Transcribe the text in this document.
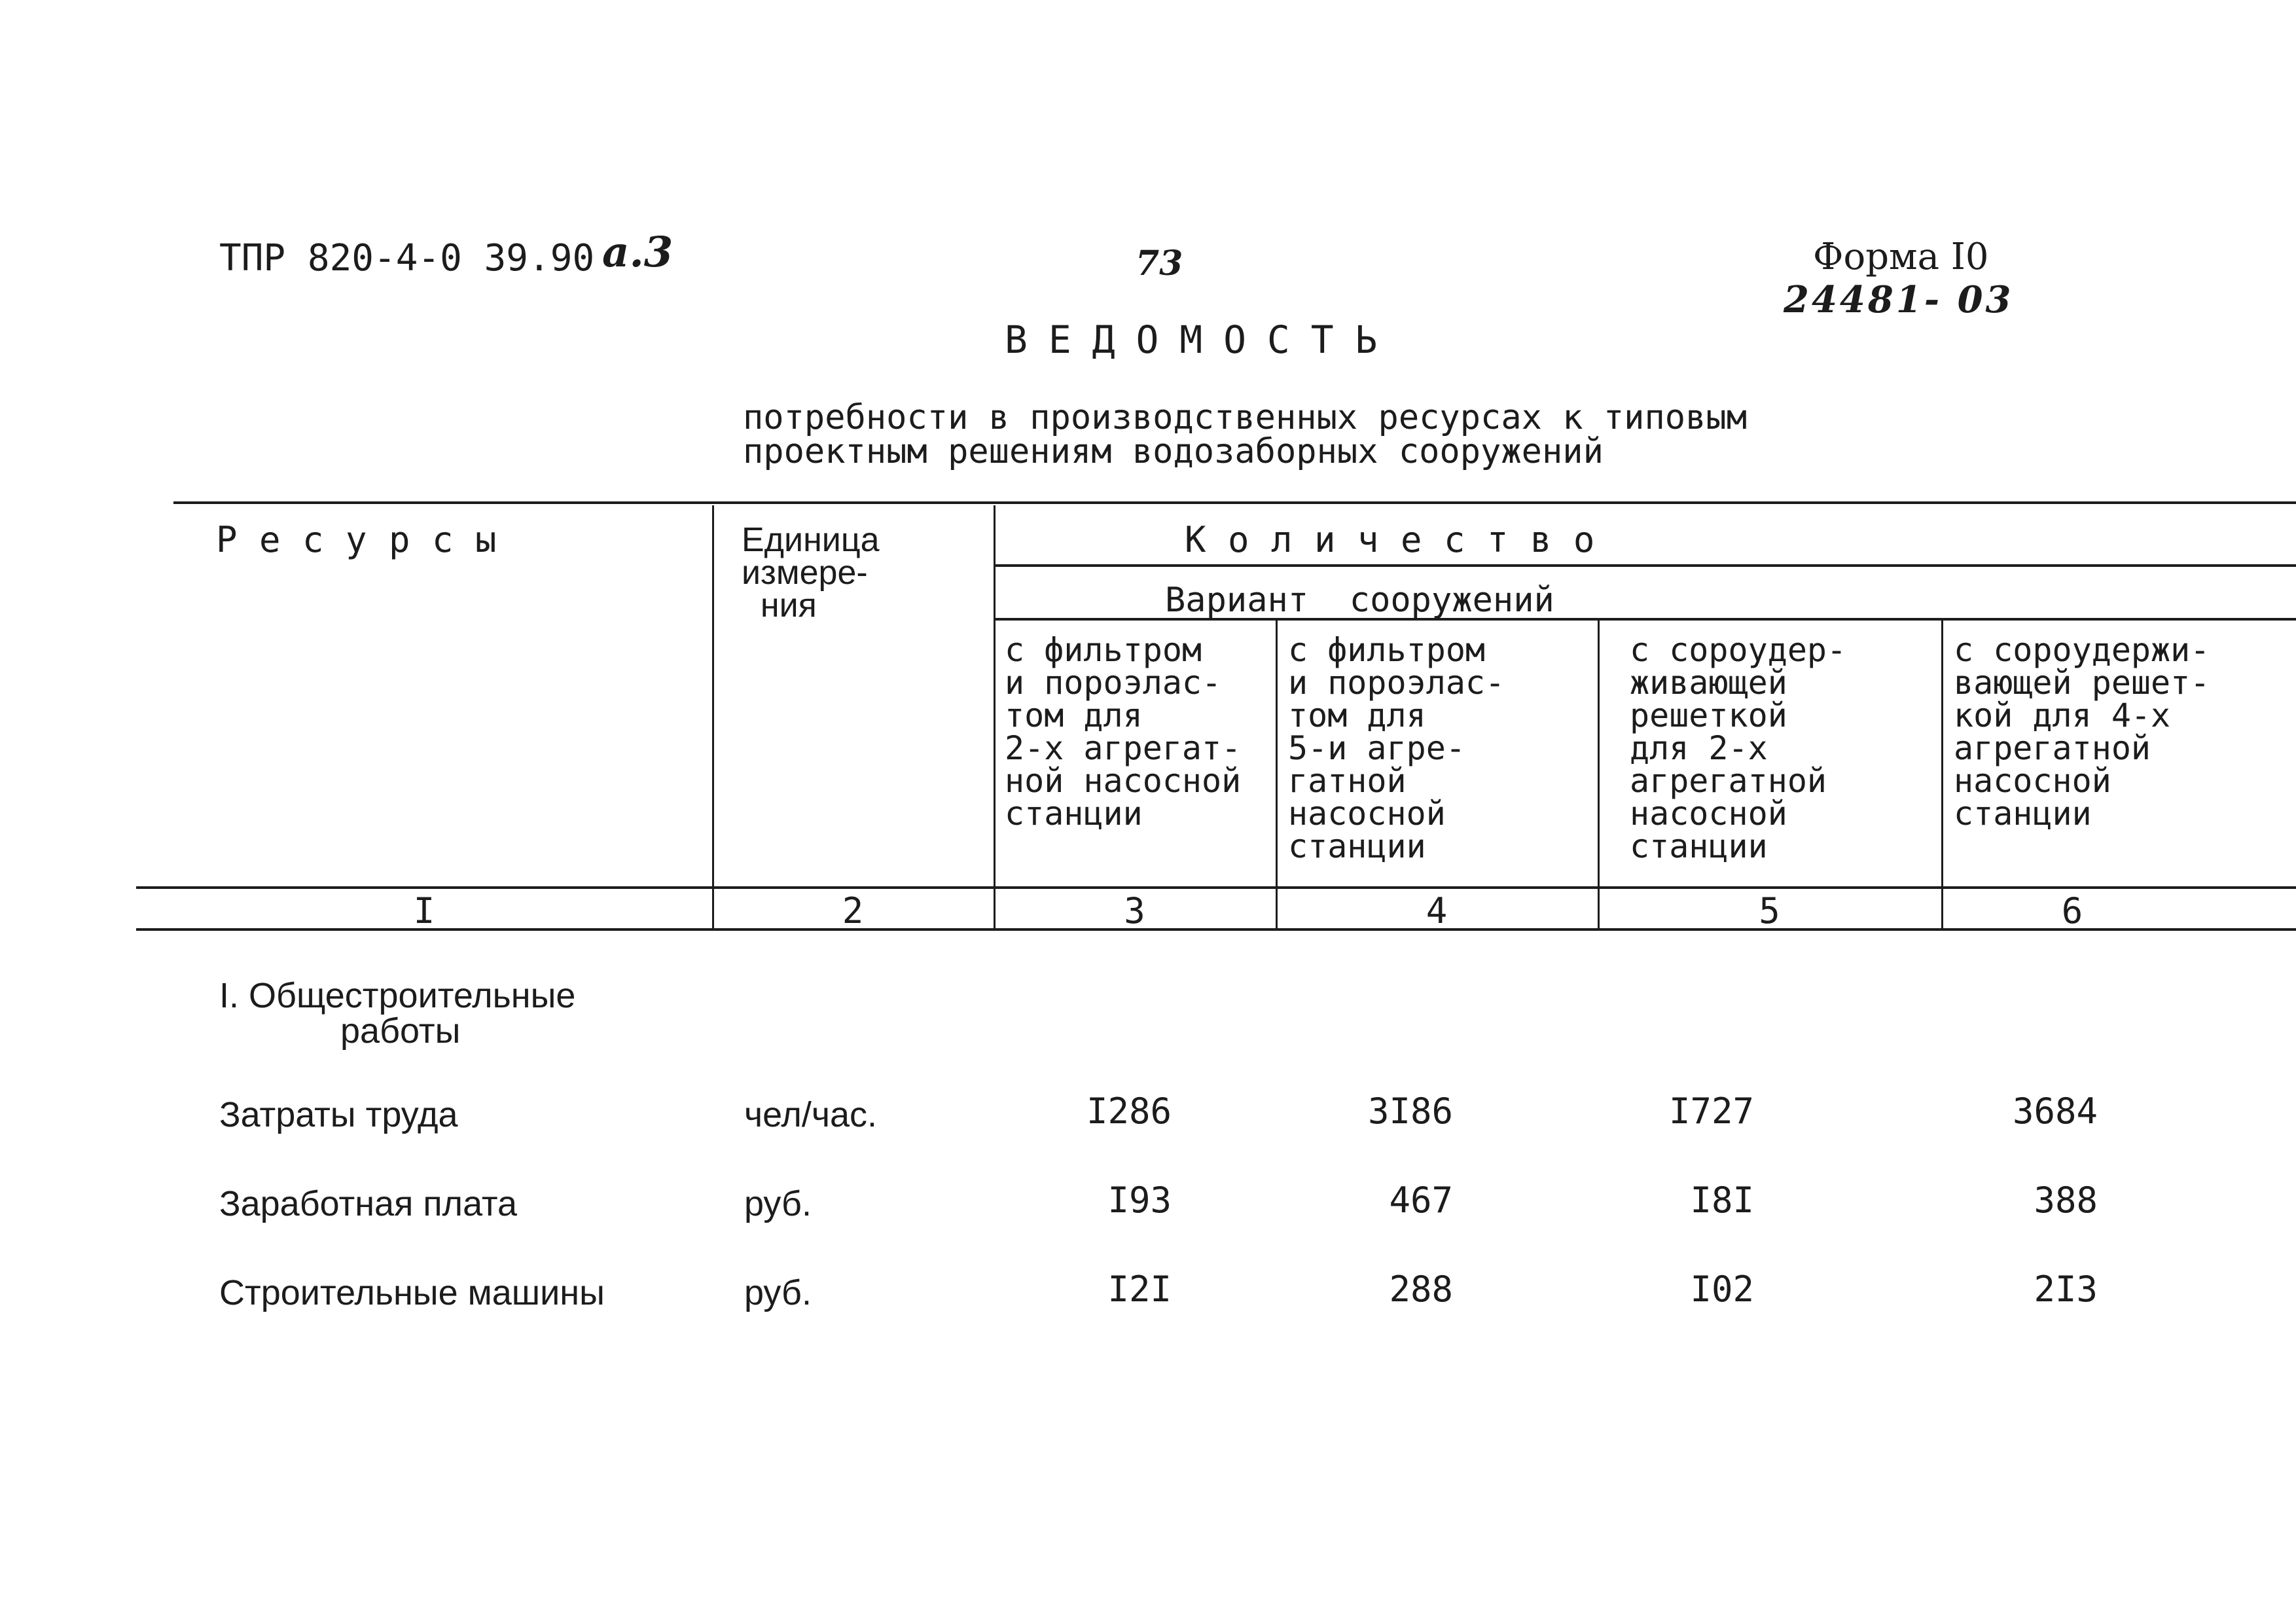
ТПР 820-4-0 39.90 а.3	73	Форма I0
24481- 03
ВЕДОМОСТЬ
потребности в производственных ресурсах к типовым
проектным решениям водозаборных сооружений
Ресурсы	Единица
измере-
ния
Количество
Вариант  сооружений
с фильтром
и пороэлас-
том для
2-х агрегат-
ной насосной
станции
с фильтром
и пороэлас-
том для
5-и агре-
гатной
насосной
станции
с сороудер-
живающей
решеткой
для 2-х
агрегатной
насосной
станции
с сороудержи-
вающей решет-
кой для 4-х
агрегатной
насосной
станции
I	2	3	4	5	6
I. Общестроительные
работы
Затраты труда	чел/час.	I286	3I86	I727	3684
Заработная плата	руб.	I93	467	I8I	388
Строительные машины	руб.	I2I	288	I02	2I3
